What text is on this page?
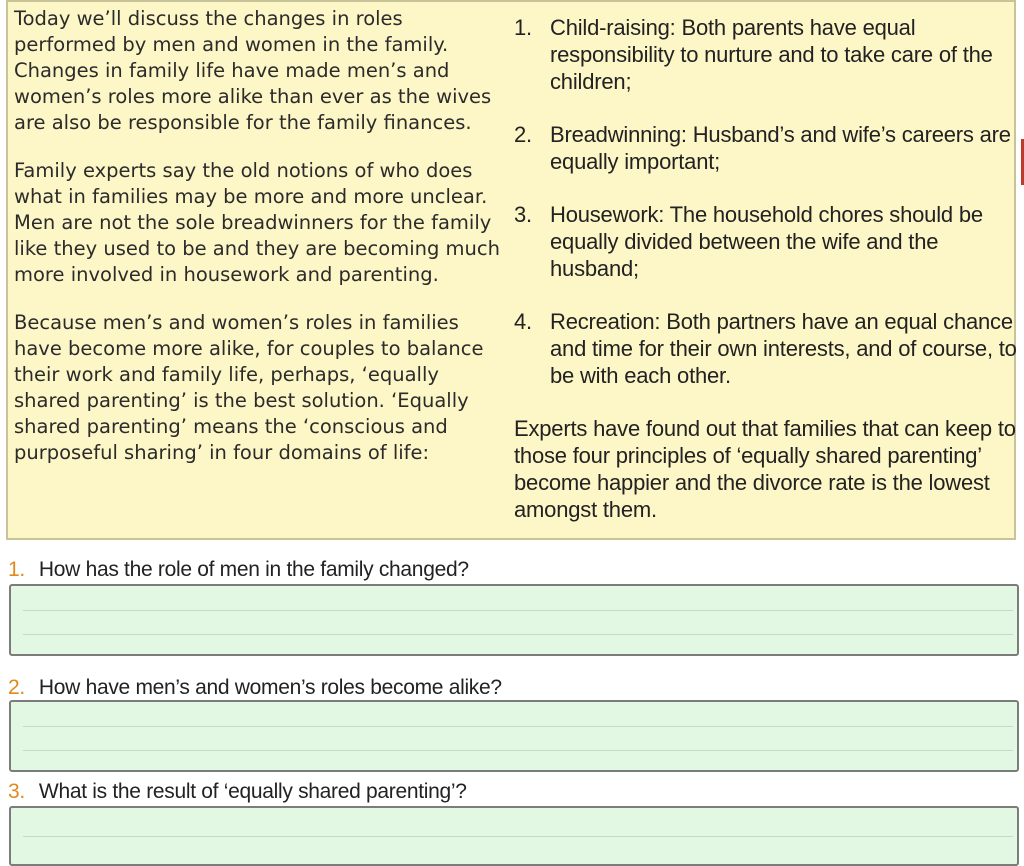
Today we’ll discuss the changes in roles performed by men and women in the family. Changes in family life have made men’s and women’s roles more alike than ever as the wives are also be responsible for the family finances.

Family experts say the old notions of who does what in families may be more and more unclear. Men are not the sole breadwinners for the family like they used to be and they are becoming much more involved in housework and parenting.

Because men’s and women’s roles in families have become more alike, for couples to balance their work and family life, perhaps, ‘equally shared parenting’ is the best solution. ‘Equally shared parenting’ means the ‘conscious and purposeful sharing’ in four domains of life:

1. Child-raising: Both parents have equal responsibility to nurture and to take care of the children;
2. Breadwinning: Husband’s and wife’s careers are equally important;
3. Housework: The household chores should be equally divided between the wife and the husband;
4. Recreation: Both partners have an equal chance and time for their own interests, and of course, to be with each other.

Experts have found out that families that can keep to those four principles of ‘equally shared parenting’ become happier and the divorce rate is the lowest amongst them.

1. How has the role of men in the family changed?
2. How have men’s and women’s roles become alike?
3. What is the result of ‘equally shared parenting’?
